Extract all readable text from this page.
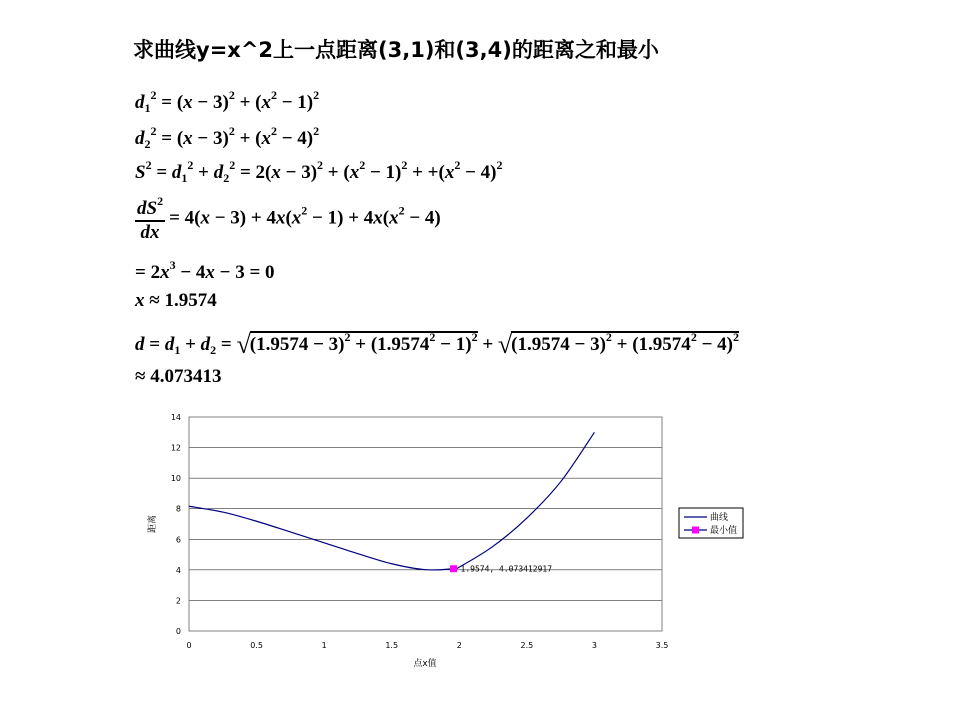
求曲线y=x^2上一点距离(3,1)和(3,4)的距离之和最小
$d_1^2 = (x - 3)^2 + (x^2 - 1)^2$
$d_2^2 = (x - 3)^2 + (x^2 - 4)^2$
$S^2 = d_1^2 + d_2^2 = 2(x - 3)^2 + (x^2 - 1)^2 + +(x^2 - 4)^2$
$\frac{dS^2}{dx} = 4(x - 3) + 4x(x^2 - 1) + 4x(x^2 - 4)$
= $2x^3 - 4x - 3 = 0$
x ≈ 1.9574
$d = d_1 + d_2 = √(1.9574 - 3)^2 + (1.9574^2 - 1)^2 + √(1.9574 - 3)^2 + (1.9574^2 - 4)^2$
≈ 4.073413
0
2
4
6
8
10
12
14
0	0.5	1	1.5	2	2.5	3	3.5
1.9574, 4.073412917
距离
点x值
曲线
最小值
